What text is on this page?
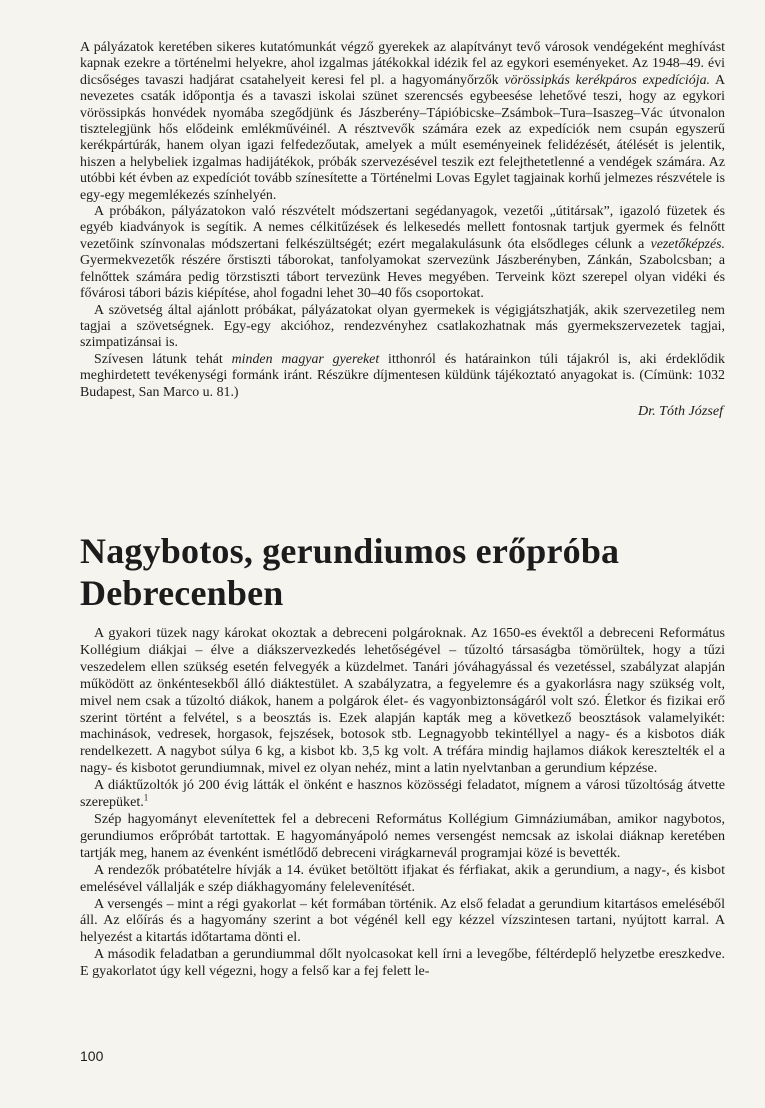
A pályázatok keretében sikeres kutatómunkát végző gyerekek az alapítványt tevő városok vendégeként meghívást kapnak ezekre a történelmi helyekre, ahol izgalmas játékokkal idézik fel az egykori eseményeket. Az 1948–49. évi dicsőséges tavaszi hadjárat csatahelyeit keresi fel pl. a hagyományőrzők vörössipkás kerékpáros expedíciója. A nevezetes csaták időpontja és a tavaszi iskolai szünet szerencsés egybeesése lehetővé teszi, hogy az egykori vörössipkás honvédek nyomába szegődjünk és Jászberény–Tápióbicske–Zsámbok–Tura–Isaszeg–Vác útvonalon tisztelegjünk hős elődeink emlékművéinél. A résztvevők számára ezek az expedíciók nem csupán egyszerű kerékpártúrák, hanem olyan igazi felfedezőutak, amelyek a múlt eseményeinek felidézését, átélését is jelentik, hiszen a helybeliek izgalmas hadijátékok, próbák szervezésével teszik ezt felejthetetlenné a vendégek számára. Az utóbbi két évben az expedíciót tovább színesítette a Történelmi Lovas Egylet tagjainak korhű jelmezes részvétele is egy-egy megemlékezés színhelyén.

A próbákon, pályázatokon való részvételt módszertani segédanyagok, vezetői „útitársak”, igazoló füzetek és egyéb kiadványok is segítik. A nemes célkitűzések és lelkesedés mellett fontosnak tartjuk gyermek és felnőtt vezetőink színvonalas módszertani felkészültségét; ezért megalakulásunk óta elsődleges célunk a vezetőképzés. Gyermekvezetők részére őrstiszti táborokat, tanfolyamokat szervezünk Jászberényben, Zánkán, Szabolcsban; a felnőttek számára pedig törzstiszti tábort tervezünk Heves megyében. Terveink közt szerepel olyan vidéki és fővárosi tábori bázis kiépítése, ahol fogadni lehet 30–40 fős csoportokat.

A szövetség által ajánlott próbákat, pályázatokat olyan gyermekek is végigjátszhatják, akik szervezetileg nem tagjai a szövetségnek. Egy-egy akcióhoz, rendezvényhez csatlakozhatnak más gyermekszervezetek tagjai, szimpatizánsai is.

Szívesen látunk tehát minden magyar gyereket itthonról és határainkon túli tájakról is, aki érdeklődik meghirdetett tevékenységi formánk iránt. Részükre díjmentesen küldünk tájékoztató anyagokat is. (Címünk: 1032 Budapest, San Marco u. 81.)

Dr. Tóth József
Nagybotos, gerundiumos erőpróba
Debrecenben

A gyakori tüzek nagy károkat okoztak a debreceni polgároknak. Az 1650-es évektől a debreceni Református Kollégium diákjai – élve a diákszervezkedés lehetőségével – tűzoltó társaságba tömörültek, hogy a tűzi veszedelem ellen szükség esetén felvegyék a küzdelmet. Tanári jóváhagyással és vezetéssel, szabályzat alapján működött az önkéntesekből álló diáktestület. A szabályzatra, a fegyelemre és a gyakorlásra nagy szükség volt, mivel nem csak a tűzoltó diákok, hanem a polgárok élet- és vagyonbiztonságáról volt szó. Életkor és fizikai erő szerint történt a felvétel, s a beosztás is. Ezek alapján kapták meg a következő beosztások valamelyikét: machinások, vedresek, horgasok, fejszések, botosok stb. Legnagyobb tekintéllyel a nagy- és a kisbotos diák rendelkezett. A nagybot súlya 6 kg, a kisbot kb. 3,5 kg volt. A tréfára mindig hajlamos diákok keresztelték el a nagy- és kisbotot gerundiumnak, mivel ez olyan nehéz, mint a latin nyelvtanban a gerundium képzése.

A diáktűzoltók jó 200 évig látták el önként e hasznos közösségi feladatot, mígnem a városi tűzoltóság átvette szerepüket.$^1$

Szép hagyományt elevenítettek fel a debreceni Református Kollégium Gimnáziumában, amikor nagybotos, gerundiumos erőpróbát tartottak. E hagyományápoló nemes versengést nemcsak az iskolai diáknap keretében tartják meg, hanem az évenként ismétlődő debreceni virágkarnevál programjai közé is bevették.

A rendezők próbatételre hívják a 14. évüket betöltött ifjakat és férfiakat, akik a gerundium, a nagy-, és kisbot emelésével vállalják e szép diákhagyomány felelevenítését.

A versengés – mint a régi gyakorlat – két formában történik. Az első feladat a gerundium kitartásos emeléséből áll. Az előírás és a hagyomány szerint a bot végénél kell egy kézzel vízszintesen tartani, nyújtott karral. A helyezést a kitartás időtartama dönti el.

A második feladatban a gerundiummal dőlt nyolcasokat kell írni a levegőbe, féltérdeplő helyzetbe ereszkedve. E gyakorlatot úgy kell végezni, hogy a felső kar a fej felett le-

100
